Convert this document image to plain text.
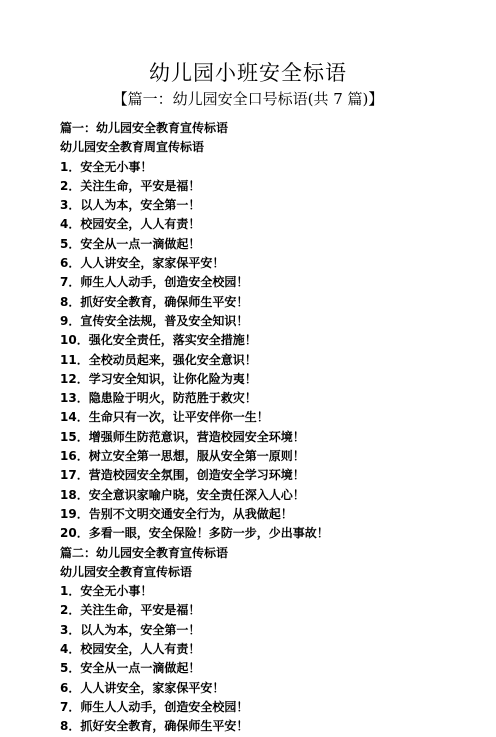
幼儿园小班安全标语
【篇一：幼儿园安全口号标语(共 7 篇)】
篇一：幼儿园安全教育宣传标语
幼儿园安全教育周宣传标语
1．安全无小事！
2．关注生命，平安是福！
3．以人为本，安全第一！
4．校园安全，人人有责！
5．安全从一点一滴做起！
6．人人讲安全，家家保平安！
7．师生人人动手，创造安全校园！
8．抓好安全教育，确保师生平安！
9．宣传安全法规，普及安全知识！
10．强化安全责任，落实安全措施！
11．全校动员起来，强化安全意识！
12．学习安全知识，让你化险为夷！
13．隐患险于明火，防范胜于救灾！
14．生命只有一次，让平安伴你一生！
15．增强师生防范意识，营造校园安全环境！
16．树立安全第一思想，服从安全第一原则！
17．营造校园安全氛围，创造安全学习环境！
18．安全意识家喻户晓，安全责任深入人心！
19．告别不文明交通安全行为，从我做起！
20．多看一眼，安全保险！多防一步，少出事故！
篇二：幼儿园安全教育宣传标语
幼儿园安全教育宣传标语
1．安全无小事！
2．关注生命，平安是福！
3．以人为本，安全第一！
4．校园安全，人人有责！
5．安全从一点一滴做起！
6．人人讲安全，家家保平安！
7．师生人人动手，创造安全校园！
8．抓好安全教育，确保师生平安！
